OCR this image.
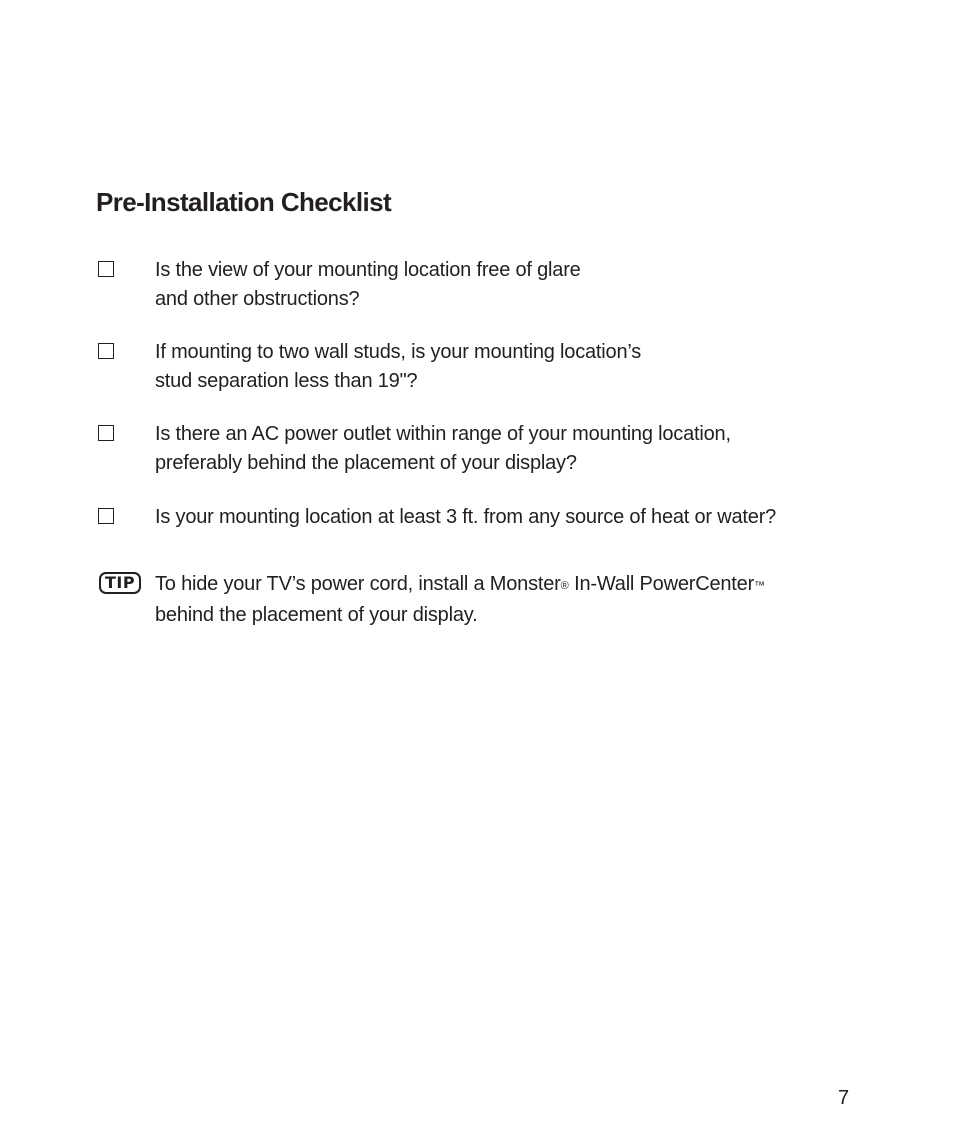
Pre-Installation Checklist
Is the view of your mounting location free of glare
and other obstructions?
If mounting to two wall studs, is your mounting location’s
stud separation less than 19"?
Is there an AC power outlet within range of your mounting location,
preferably behind the placement of your display?
Is your mounting location at least 3 ft. from any source of heat or water?
TIP To hide your TV’s power cord, install a Monster® In-Wall PowerCenter™
behind the placement of your display.
7
